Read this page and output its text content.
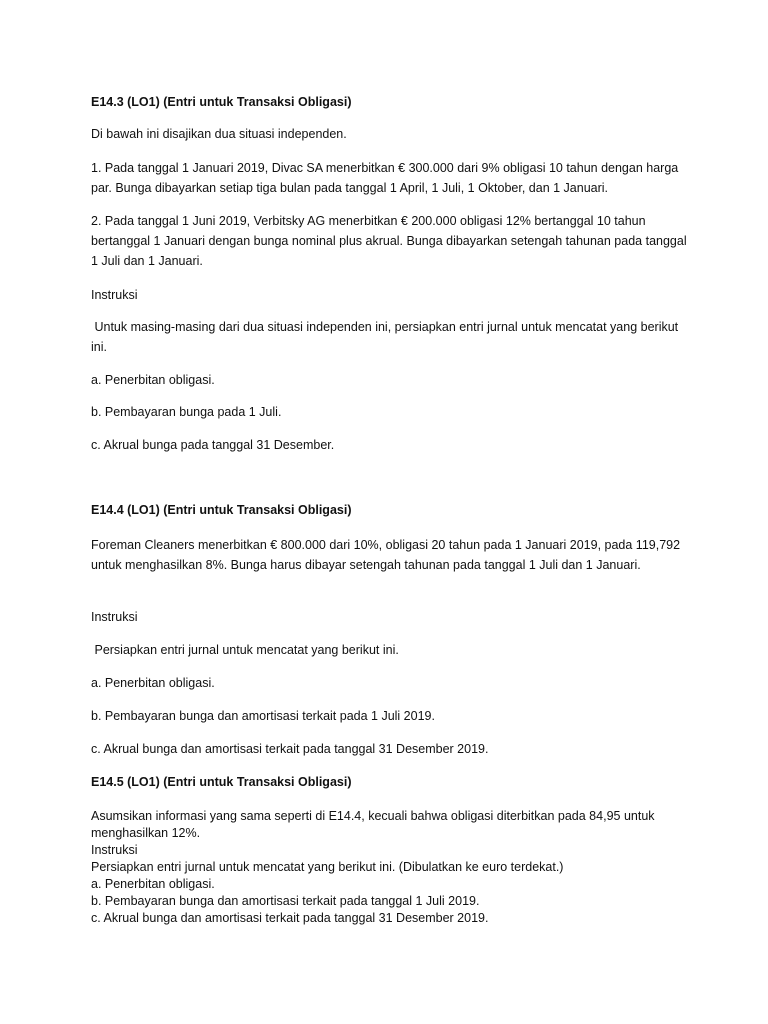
E14.3 (LO1) (Entri untuk Transaksi Obligasi)

Di bawah ini disajikan dua situasi independen.

1. Pada tanggal 1 Januari 2019, Divac SA menerbitkan € 300.000 dari 9% obligasi 10 tahun dengan harga par. Bunga dibayarkan setiap tiga bulan pada tanggal 1 April, 1 Juli, 1 Oktober, dan 1 Januari.

2. Pada tanggal 1 Juni 2019, Verbitsky AG menerbitkan € 200.000 obligasi 12% bertanggal 10 tahun bertanggal 1 Januari dengan bunga nominal plus akrual. Bunga dibayarkan setengah tahunan pada tanggal 1 Juli dan 1 Januari.

Instruksi

Untuk masing-masing dari dua situasi independen ini, persiapkan entri jurnal untuk mencatat yang berikut ini.

a. Penerbitan obligasi.

b. Pembayaran bunga pada 1 Juli.

c. Akrual bunga pada tanggal 31 Desember.

E14.4 (LO1) (Entri untuk Transaksi Obligasi)

Foreman Cleaners menerbitkan € 800.000 dari 10%, obligasi 20 tahun pada 1 Januari 2019, pada 119,792 untuk menghasilkan 8%. Bunga harus dibayar setengah tahunan pada tanggal 1 Juli dan 1 Januari.

Instruksi

Persiapkan entri jurnal untuk mencatat yang berikut ini.

a. Penerbitan obligasi.

b. Pembayaran bunga dan amortisasi terkait pada 1 Juli 2019.

c. Akrual bunga dan amortisasi terkait pada tanggal 31 Desember 2019.

E14.5 (LO1) (Entri untuk Transaksi Obligasi)

Asumsikan informasi yang sama seperti di E14.4, kecuali bahwa obligasi diterbitkan pada 84,95 untuk menghasilkan 12%.

Instruksi

Persiapkan entri jurnal untuk mencatat yang berikut ini. (Dibulatkan ke euro terdekat.)

a. Penerbitan obligasi.

b. Pembayaran bunga dan amortisasi terkait pada tanggal 1 Juli 2019.

c. Akrual bunga dan amortisasi terkait pada tanggal 31 Desember 2019.
